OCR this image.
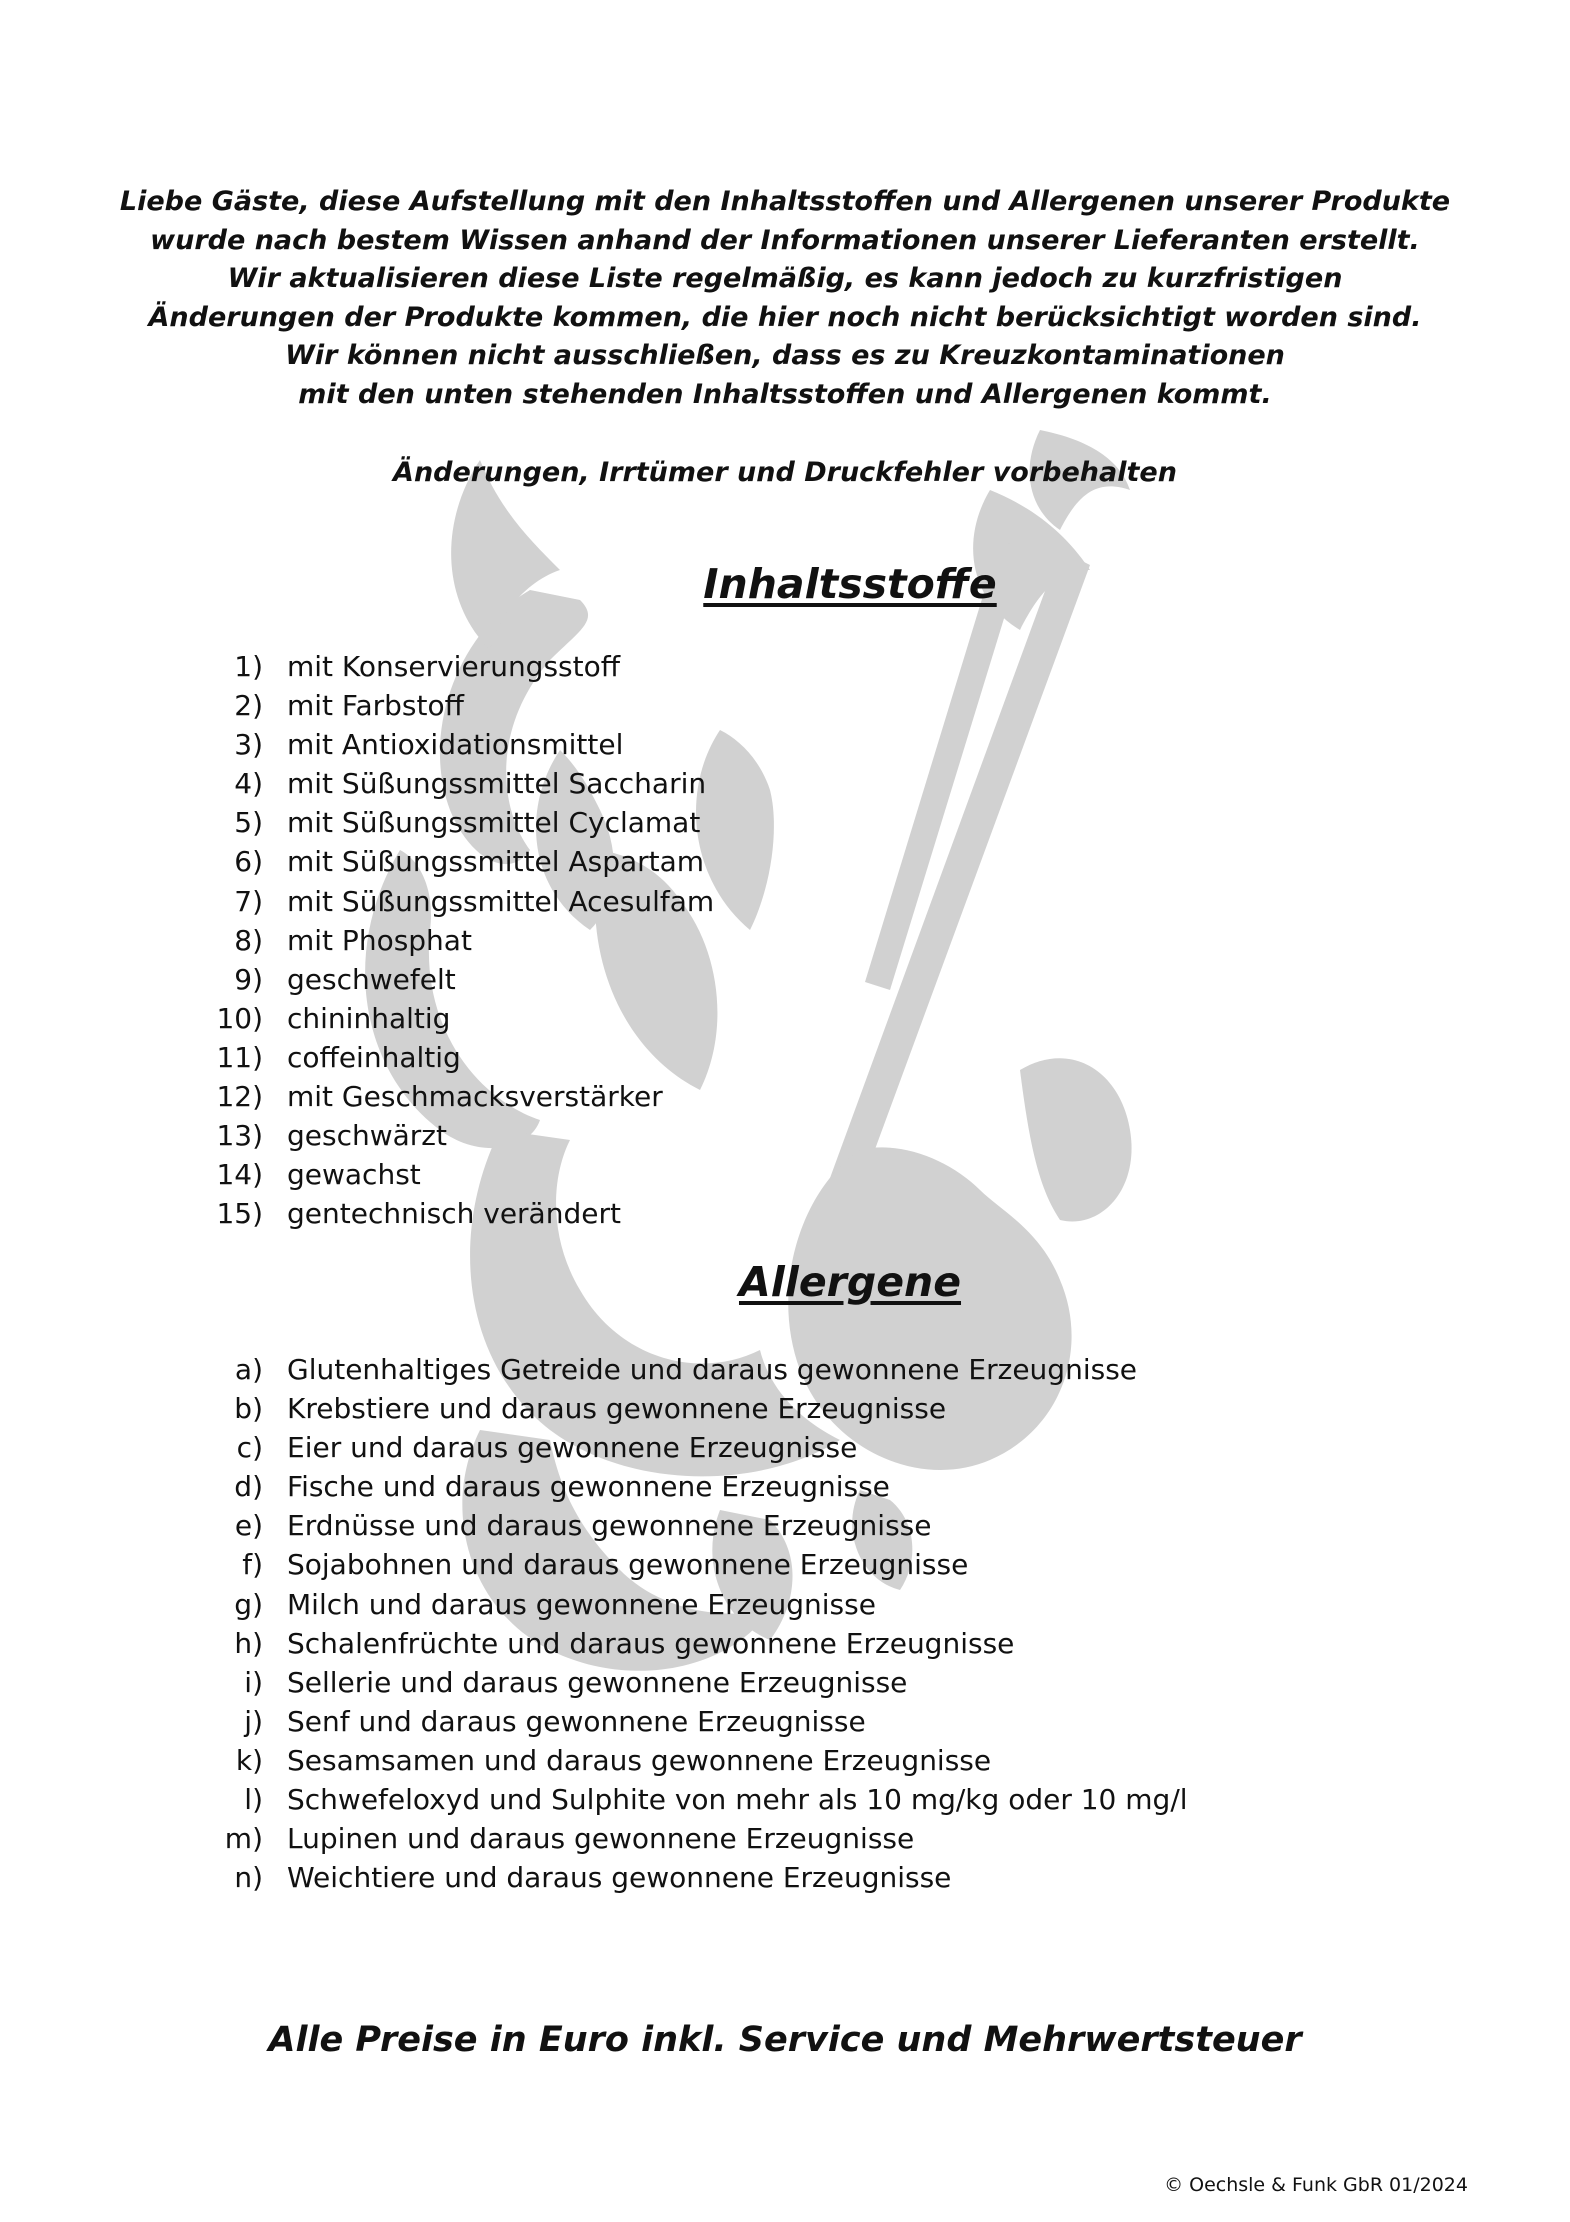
Liebe Gäste, diese Aufstellung mit den Inhaltsstoffen und Allergenen unserer Produkte
wurde nach bestem Wissen anhand der Informationen unserer Lieferanten erstellt.
Wir aktualisieren diese Liste regelmäßig, es kann jedoch zu kurzfristigen
Änderungen der Produkte kommen, die hier noch nicht berücksichtigt worden sind.
Wir können nicht ausschließen, dass es zu Kreuzkontaminationen
mit den unten stehenden Inhaltsstoffen und Allergenen kommt.
Änderungen, Irrtümer und Druckfehler vorbehalten
Inhaltsstoffe
1) mit Konservierungsstoff
2) mit Farbstoff
3) mit Antioxidationsmittel
4) mit Süßungssmittel Saccharin
5) mit Süßungssmittel Cyclamat
6) mit Süßungssmittel Aspartam
7) mit Süßungssmittel Acesulfam
8) mit Phosphat
9) geschwefelt
10) chininhaltig
11) coffeinhaltig
12) mit Geschmacksverstärker
13) geschwärzt
14) gewachst
15) gentechnisch verändert
Allergene
a) Glutenhaltiges Getreide und daraus gewonnene Erzeugnisse
b) Krebstiere und daraus gewonnene Erzeugnisse
c) Eier und daraus gewonnene Erzeugnisse
d) Fische und daraus gewonnene Erzeugnisse
e) Erdnüsse und daraus gewonnene Erzeugnisse
f) Sojabohnen und daraus gewonnene Erzeugnisse
g) Milch und daraus gewonnene Erzeugnisse
h) Schalenfrüchte und daraus gewonnene Erzeugnisse
i) Sellerie und daraus gewonnene Erzeugnisse
j) Senf und daraus gewonnene Erzeugnisse
k) Sesamsamen und daraus gewonnene Erzeugnisse
l) Schwefeloxyd und Sulphite von mehr als 10 mg/kg oder 10 mg/l
m) Lupinen und daraus gewonnene Erzeugnisse
n) Weichtiere und daraus gewonnene Erzeugnisse
Alle Preise in Euro inkl. Service und Mehrwertsteuer
© Oechsle & Funk GbR 01/2024
